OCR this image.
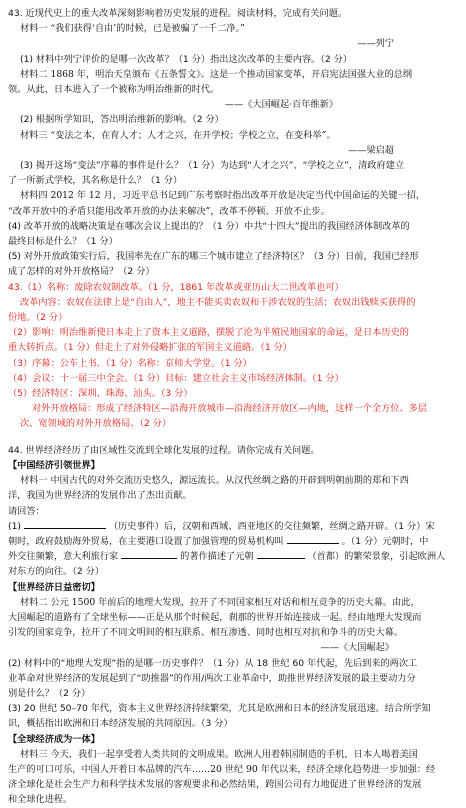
43. 近现代史上的重大改革深刻影响着历史发展的进程。阅读材料，完成有关问题。
材料一 “我们获得‘自由’的时候，已是被骗了一千二净。”
——列宁
(1) 材料中列宁评价的是哪一次改革？（1 分）指出这次改革的主要内容。（2 分）
材料二 1868 年，明治天皇颁布《五条誓文》。这是一个推动国家变革，开启宪法国强大业的总纲
领。从此，日本进入了一个被称为明治维新的时代。
——《大国崛起·百年维新》
(2) 根据所学知识，答出明治维新的影响。（2 分）
材料三 “变法之本，在育人才；人才之兴，在开学校；学校之立，在变科举”。
——梁启超
(3) 揭开这场“变法”序幕的事件是什么？（1 分）为达到“人才之兴”、“学校之立”，清政府建立
了一所新式学校，其名称是什么？（1 分）
材料四 2012 年 12 月，习近平总书记到广东考察时指出改革开放是决定当代中国命运的关键一招，
“改革开放中的矛盾只能用改革开放的办法来解决”，改革不停顿、开放不止步。
(4) 改革开放的战略决策是在哪次会议上提出的？（1 分）中共“十四大”提出的我国经济体制改革的
最终目标是什么？（1 分）
(5) 对外开放政策实行后，我国率先在广东的哪三个城市建立了经济特区？（3 分）日前，我国已经形
成了怎样的对外开放格局？（2 分）
43.（1）名称：废除农奴制改革。（1 分，1861 年改革或亚历山大二世改革也可）
改革内容：农奴在法律上是“自由人”，地主不能买卖农奴和干涉农奴的生活；农奴出钱赎买获得的
份地。（2 分）
（2）影响：明治维新使日本走上了资本主义道路，摆脱了沦为半殖民地国家的命运，是日本历史的
重大转折点。（1 分）但走上了对外侵略扩张的军国主义道路。（1 分）
（3）序幕：公车上书。（1 分）名称：京师大学堂。（1 分）
（4）会议：十一届三中全会。（1 分）目标：建立社会主义市场经济体制。（1 分）
（5）经济特区：深圳、珠海、汕头。（3 分）
对外开放格局：形成了经济特区—沿海开放城市—沿海经济开放区—内地，这样一个全方位、多层
次、宽领域的对外开放格局。（2 分）
44. 世界经济经历了由区域性交流到全球化发展的过程。请你完成有关问题。
【中国经济引领世界】
材料一 中国古代的对外交流历史悠久，源远流长。从汉代丝绸之路的开辟到明朝前期的郑和下西
洋，我国为世界经济的发展作出了杰出贡献。
请回答：
(1)	（历史事件）后，汉朝和西域、西亚地区的交往频繁，丝绸之路开辟。（1 分）宋
朝时，政府鼓励海外贸易，在主要港口设置了加强管理的贸易机构叫	。（1 分）元朝时，中
外交往频繁，意大利旅行家	的著作描述了元朝	（首都）的繁荣景象，引起欧洲人
对东方的向往。（2 分）
【世界经济日益密切】
材料二 公元 1500 年前后的地理大发现，拉开了不同国家相互对话和相互竞争的历史大幕。由此，
大国崛起的道路有了全球坐标——正是从那个时候起，刹那的世界开始连接成一起。经由地理大发现而
引发的国家竞争，拉开了不同文明间的相互联系、相互渗透、同时也相互对抗和争斗的历史大幕。
——《大国崛起》
(2) 材料中的“地理大发现”指的是哪一历史事件？（1 分）从 18 世纪 60 年代起，先后到来的两次工
业革命对世界经济的发展起到了“助推器”的作用/两次工业革命中，助推世界经济发展的最主要动力分
别是什么？（2 分）
(3) 20 世纪 50–70 年代，资本主义世界经济持续繁荣，尤其是欧洲和日本的经济发展迅速。结合所学知
识，概括指出欧洲和日本经济发展的共同原因。（3 分）
【全球经济成为一体】
材料三 今天，我们一起享受着人类共同的文明成果。欧洲人用着韩国制造的手机，日本人喝着美国
生产的可口可乐，中国人开着日本品牌的汽车……20 世纪 90 年代以来，经济全球化趋势进一步加强：经
济全球化是社会生产力和科学技术发展的客观要求和必然结果，跨国公司有力地促进了世界经济的发展
和全球化进程。
